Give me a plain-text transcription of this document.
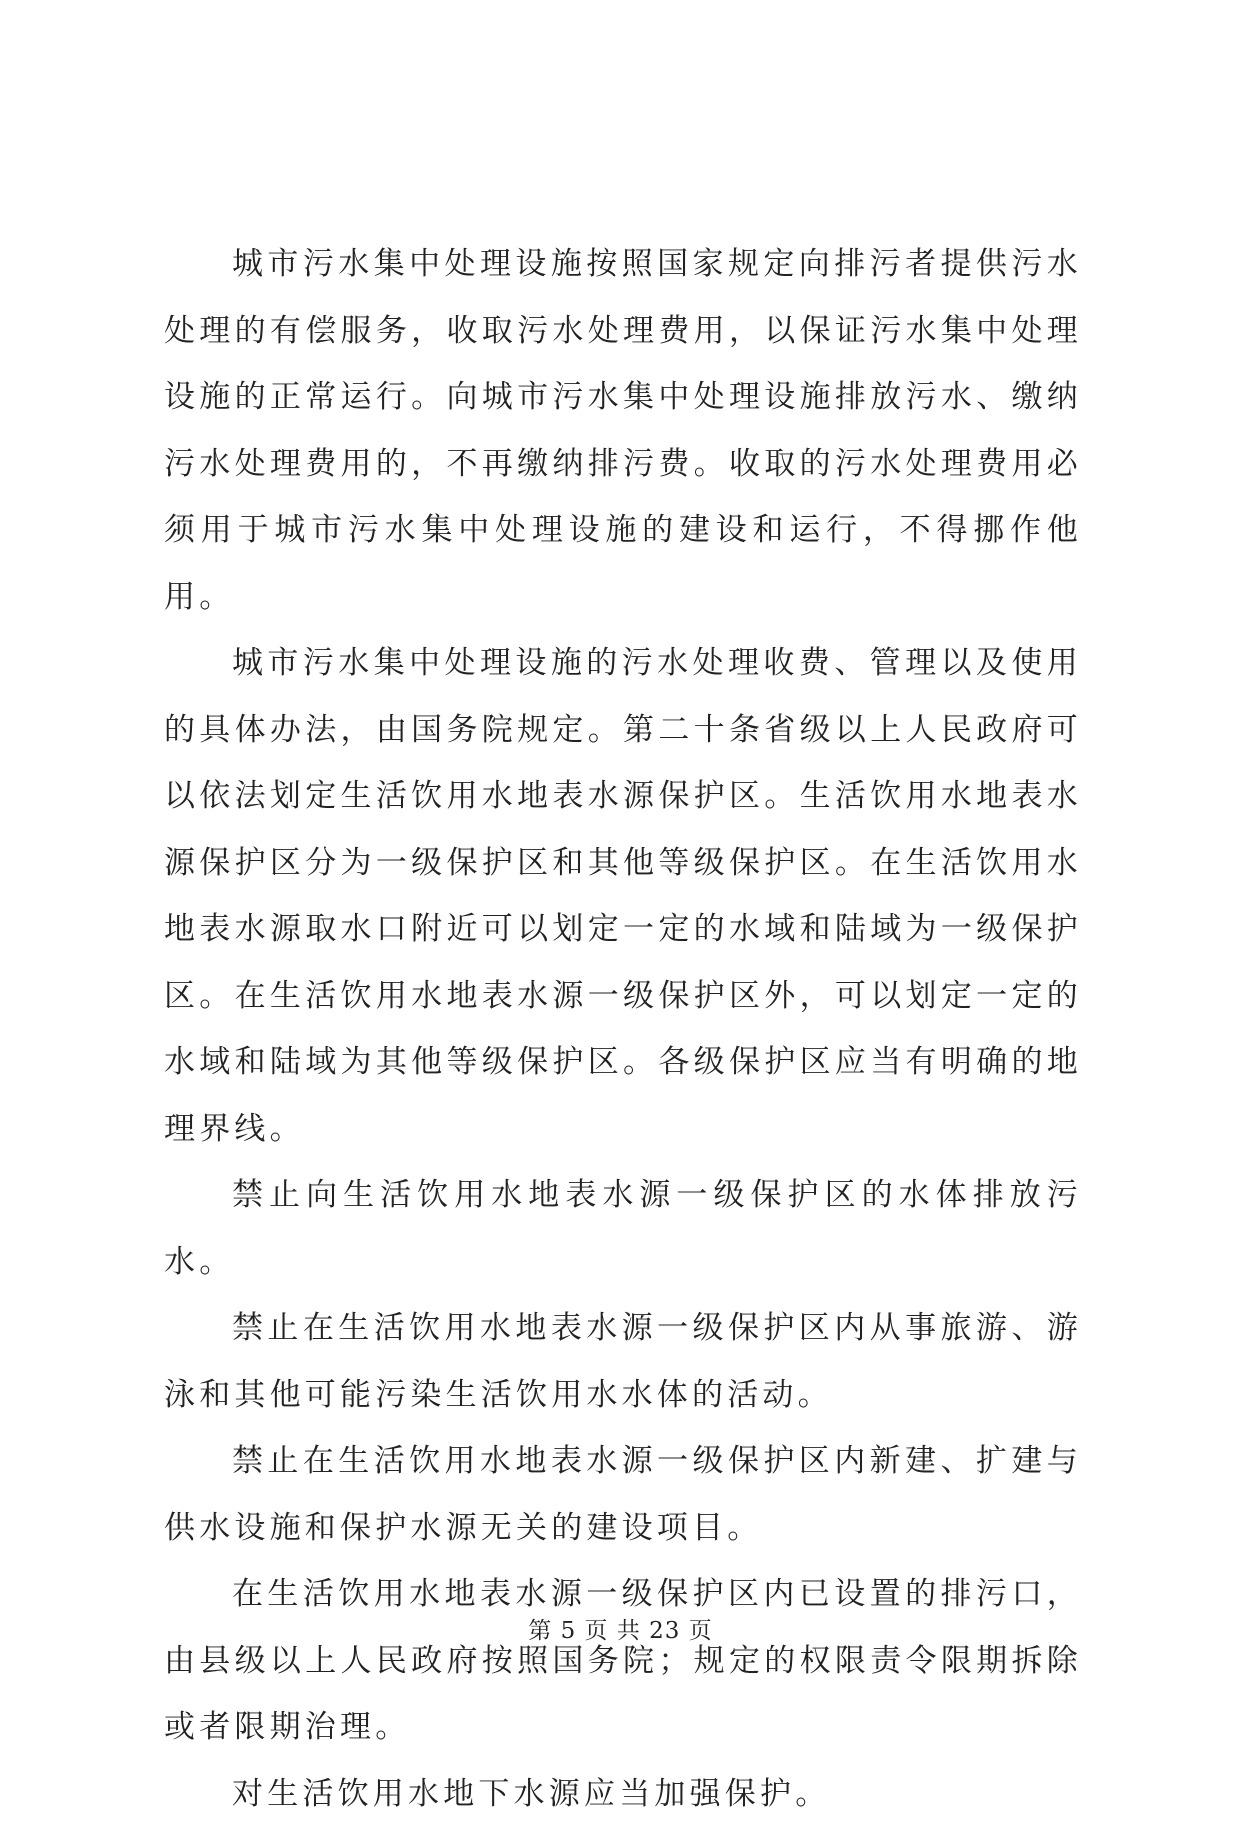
城市污水集中处理设施按照国家规定向排污者提供污水处理的有偿服务，收取污水处理费用，以保证污水集中处理设施的正常运行。向城市污水集中处理设施排放污水、缴纳污水处理费用的，不再缴纳排污费。收取的污水处理费用必须用于城市污水集中处理设施的建设和运行，不得挪作他用。

城市污水集中处理设施的污水处理收费、管理以及使用的具体办法，由国务院规定。第二十条省级以上人民政府可以依法划定生活饮用水地表水源保护区。生活饮用水地表水源保护区分为一级保护区和其他等级保护区。在生活饮用水地表水源取水口附近可以划定一定的水域和陆域为一级保护区。在生活饮用水地表水源一级保护区外，可以划定一定的水域和陆域为其他等级保护区。各级保护区应当有明确的地理界线。

禁止向生活饮用水地表水源一级保护区的水体排放污水。

禁止在生活饮用水地表水源一级保护区内从事旅游、游泳和其他可能污染生活饮用水水体的活动。

禁止在生活饮用水地表水源一级保护区内新建、扩建与供水设施和保护水源无关的建设项目。

在生活饮用水地表水源一级保护区内已设置的排污口，由县级以上人民政府按照国务院；规定的权限责令限期拆除或者限期治理。

对生活饮用水地下水源应当加强保护。

第 5 页 共 23 页
